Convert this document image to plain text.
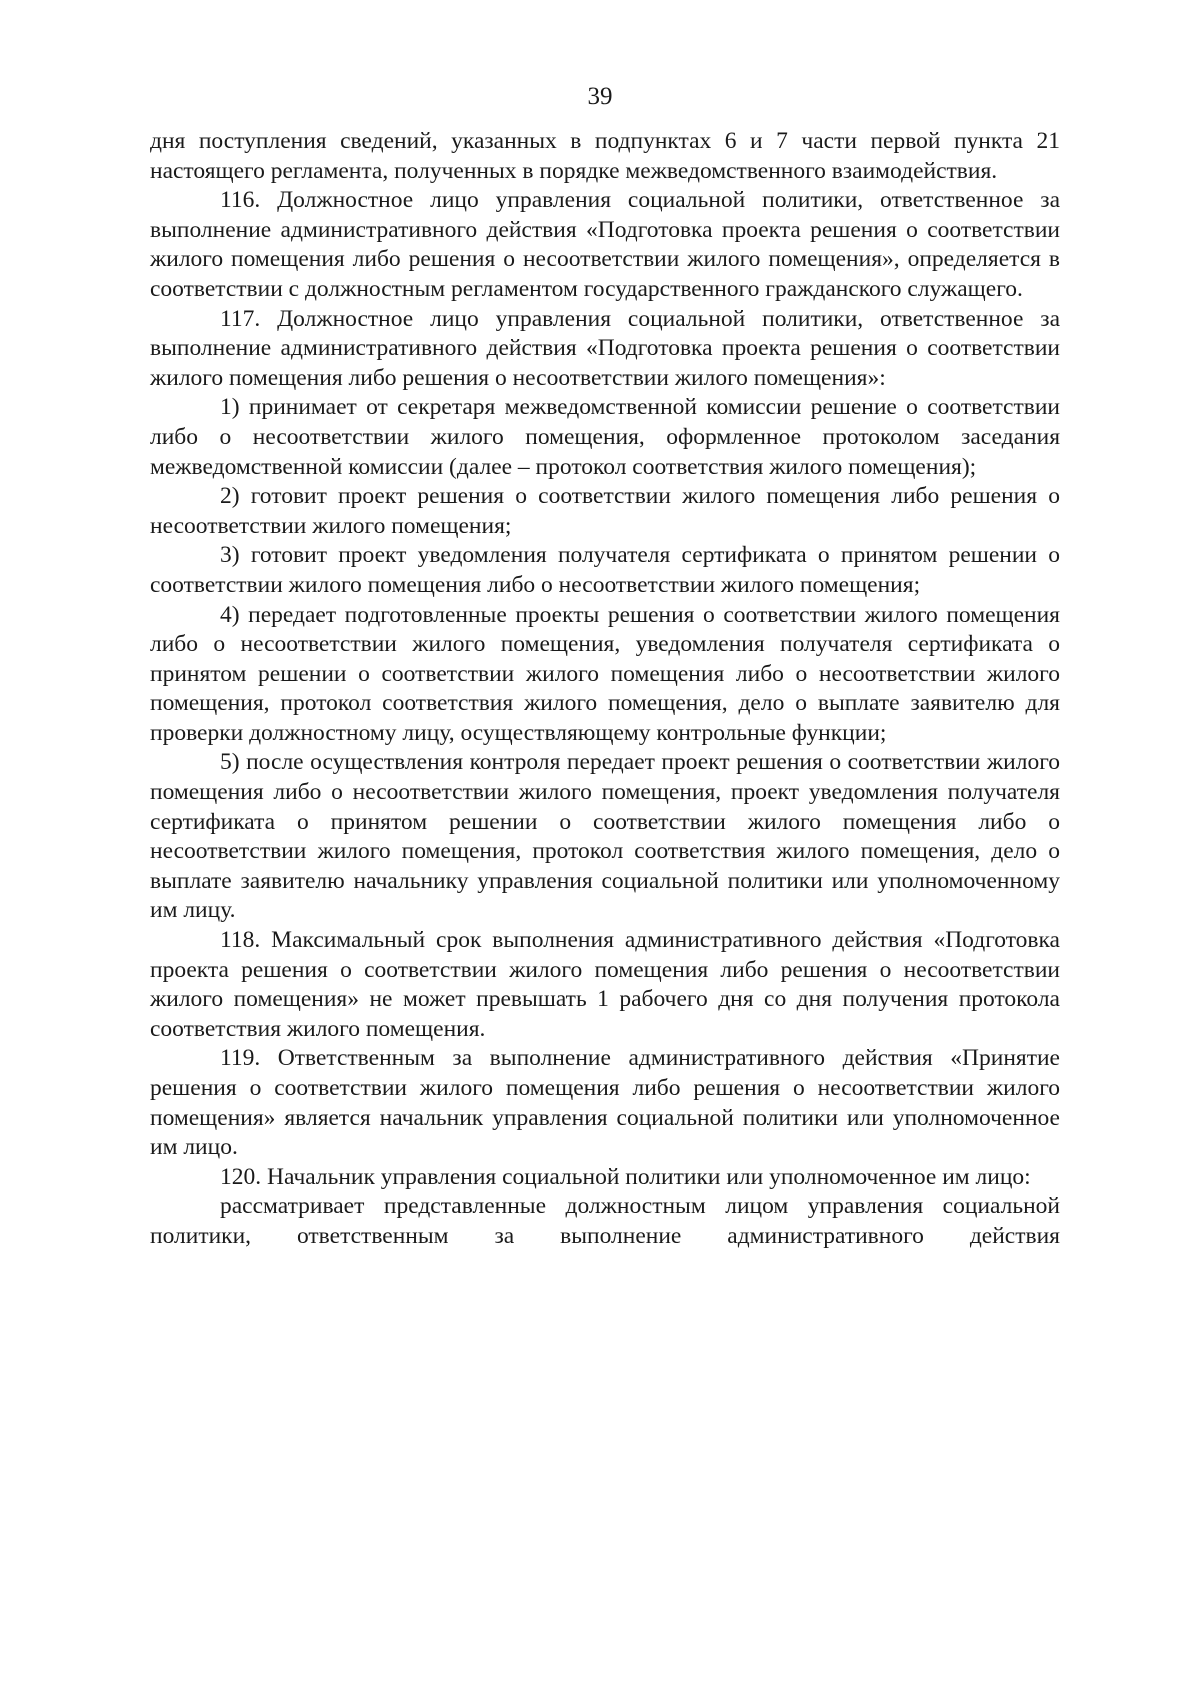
39

дня поступления сведений, указанных в подпунктах 6 и 7 части первой пункта 21 настоящего регламента, полученных в порядке межведомственного взаимодействия.

116. Должностное лицо управления социальной политики, ответственное за выполнение административного действия «Подготовка проекта решения о соответствии жилого помещения либо решения о несоответствии жилого помещения», определяется в соответствии с должностным регламентом государственного гражданского служащего.

117. Должностное лицо управления социальной политики, ответственное за выполнение административного действия «Подготовка проекта решения о соответствии жилого помещения либо решения о несоответствии жилого помещения»:

1) принимает от секретаря межведомственной комиссии решение о соответствии либо о несоответствии жилого помещения, оформленное протоколом заседания межведомственной комиссии (далее – протокол соответствия жилого помещения);

2) готовит проект решения о соответствии жилого помещения либо решения о несоответствии жилого помещения;

3) готовит проект уведомления получателя сертификата о принятом решении о соответствии жилого помещения либо о несоответствии жилого помещения;

4) передает подготовленные проекты решения о соответствии жилого помещения либо о несоответствии жилого помещения, уведомления получателя сертификата о принятом решении о соответствии жилого помещения либо о несоответствии жилого помещения, протокол соответствия жилого помещения, дело о выплате заявителю для проверки должностному лицу, осуществляющему контрольные функции;

5) после осуществления контроля передает проект решения о соответствии жилого помещения либо о несоответствии жилого помещения, проект уведомления получателя сертификата о принятом решении о соответствии жилого помещения либо о несоответствии жилого помещения, протокол соответствия жилого помещения, дело о выплате заявителю начальнику управления социальной политики или уполномоченному им лицу.

118. Максимальный срок выполнения административного действия «Подготовка проекта решения о соответствии жилого помещения либо решения о несоответствии жилого помещения» не может превышать 1 рабочего дня со дня получения протокола соответствия жилого помещения.

119. Ответственным за выполнение административного действия «Принятие решения о соответствии жилого помещения либо решения о несоответствии жилого помещения» является начальник управления социальной политики или уполномоченное им лицо.

120. Начальник управления социальной политики или уполномоченное им лицо:

рассматривает представленные должностным лицом управления социальной политики, ответственным за выполнение административного действия
